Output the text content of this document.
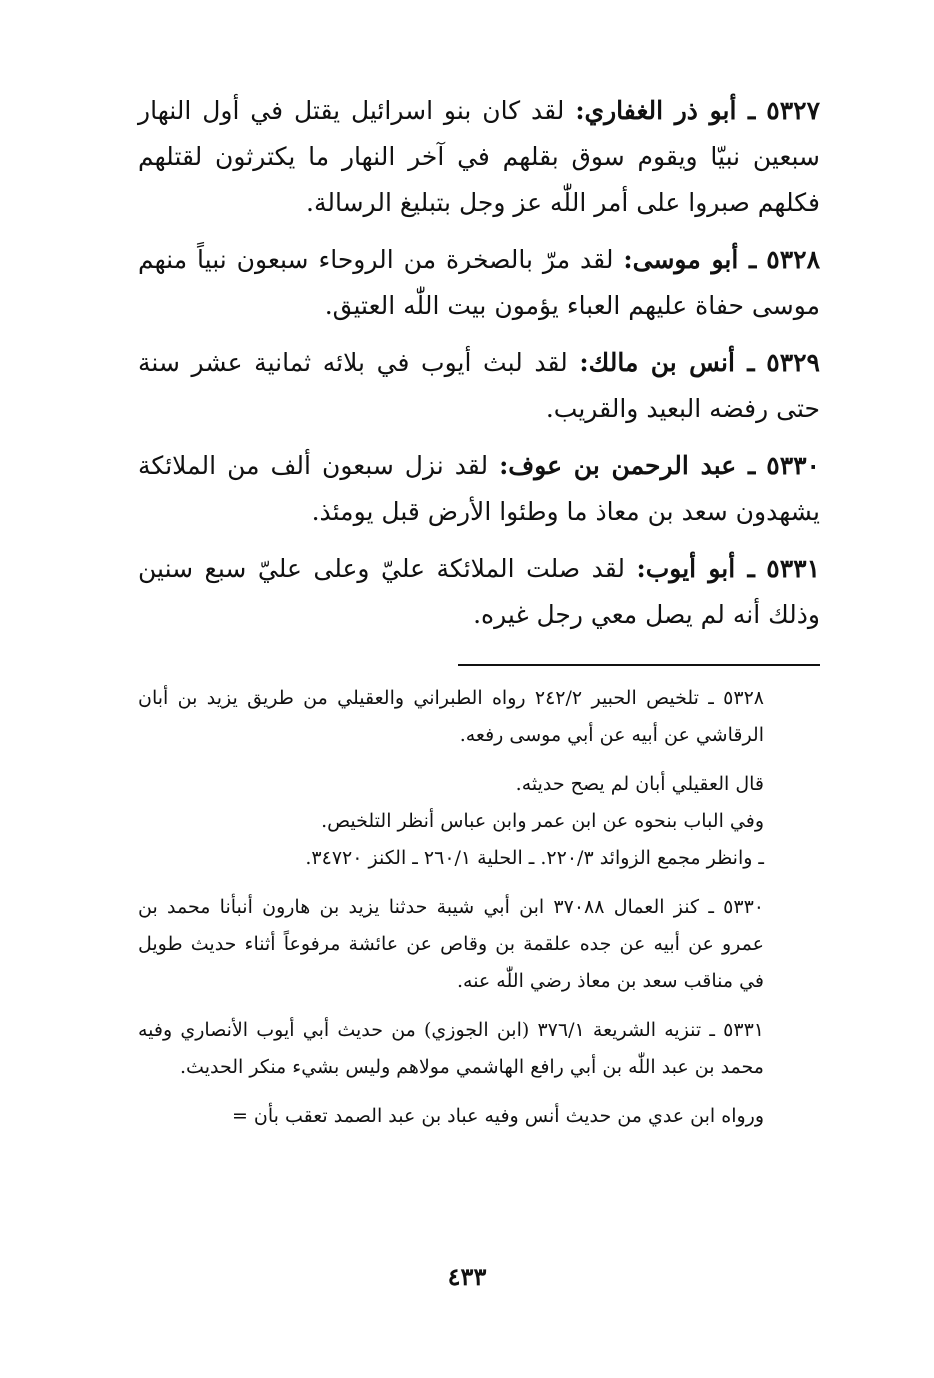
٥٣٢٧ ـ أبو ذر الغفاري: لقد كان بنو اسرائيل يقتل في أول النهار سبعين نبيّا ويقوم سوق بقلهم في آخر النهار ما يكترثون لقتلهم فكلهم صبروا على أمر اللّٰه عز وجل بتبليغ الرسالة.

٥٣٢٨ ـ أبو موسى: لقد مرّ بالصخرة من الروحاء سبعون نبياً منهم موسى حفاة عليهم العباء يؤمون بيت اللّٰه العتيق.

٥٣٢٩ ـ أنس بن مالك: لقد لبث أيوب في بلائه ثمانية عشر سنة حتى رفضه البعيد والقريب.

٥٣٣٠ ـ عبد الرحمن بن عوف: لقد نزل سبعون ألف من الملائكة يشهدون سعد بن معاذ ما وطئوا الأرض قبل يومئذ.

٥٣٣١ ـ أبو أيوب: لقد صلت الملائكة عليّ وعلى عليّ سبع سنين وذلك أنه لم يصل معي رجل غيره.

٥٣٢٨ ـ تلخيص الحبير ٢٤٢/٢ رواه الطبراني والعقيلي من طريق يزيد بن أبان الرقاشي عن أبيه عن أبي موسى رفعه.

قال العقيلي أبان لم يصح حديثه.

وفي الباب بنحوه عن ابن عمر وابن عباس أنظر التلخيص.

ـ وانظر مجمع الزوائد ٢٢٠/٣. ـ الحلية ٢٦٠/١ ـ الكنز ٣٤٧٢٠.

٥٣٣٠ ـ كنز العمال ٣٧٠٨٨ ابن أبي شيبة حدثنا يزيد بن هارون أنبأنا محمد بن عمرو عن أبيه عن جده علقمة بن وقاص عن عائشة مرفوعاً أثناء حديث طويل في مناقب سعد بن معاذ رضي اللّٰه عنه.

٥٣٣١ ـ تنزيه الشريعة ٣٧٦/١ (ابن الجوزي) من حديث أبي أيوب الأنصاري وفيه محمد بن عبد اللّٰه بن أبي رافع الهاشمي مولاهم وليس بشيء منكر الحديث.

ورواه ابن عدي من حديث أنس وفيه عباد بن عبد الصمد تعقب بأن =

٤٣٣
